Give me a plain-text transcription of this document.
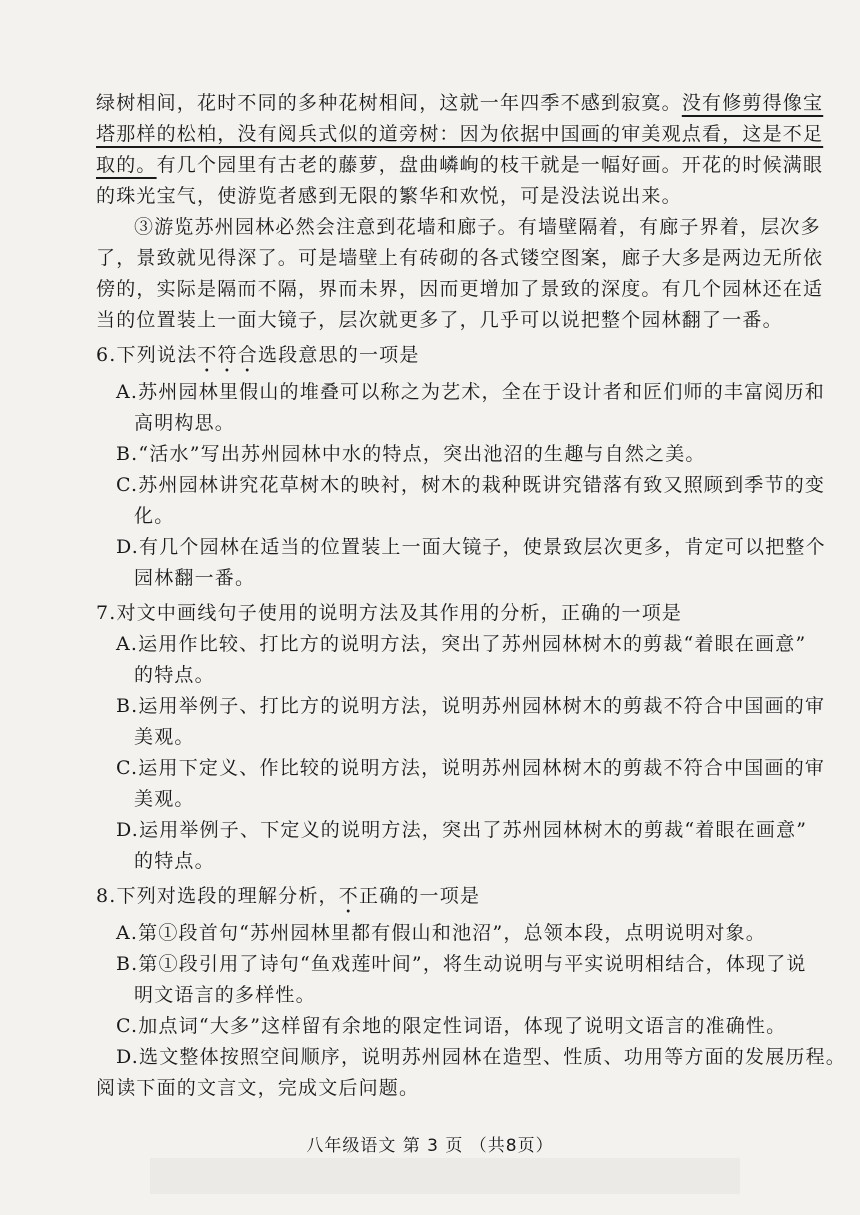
绿树相间，花时不同的多种花树相间，这就一年四季不感到寂寞。没有修剪得像宝
塔那样的松柏，没有阅兵式似的道旁树：因为依据中国画的审美观点看，这是不足
取的。有几个园里有古老的藤萝，盘曲嶙峋的枝干就是一幅好画。开花的时候满眼
的珠光宝气，使游览者感到无限的繁华和欢悦，可是没法说出来。
③游览苏州园林必然会注意到花墙和廊子。有墙壁隔着，有廊子界着，层次多
了，景致就见得深了。可是墙壁上有砖砌的各式镂空图案，廊子大多是两边无所依
傍的，实际是隔而不隔，界而未界，因而更增加了景致的深度。有几个园林还在适
当的位置装上一面大镜子，层次就更多了，几乎可以说把整个园林翻了一番。
6.下列说法不符合选段意思的一项是
A.苏州园林里假山的堆叠可以称之为艺术，全在于设计者和匠们师的丰富阅历和
高明构思。
B.“活水”写出苏州园林中水的特点，突出池沼的生趣与自然之美。
C.苏州园林讲究花草树木的映衬，树木的栽种既讲究错落有致又照顾到季节的变
化。
D.有几个园林在适当的位置装上一面大镜子，使景致层次更多，肯定可以把整个
园林翻一番。
7.对文中画线句子使用的说明方法及其作用的分析，正确的一项是
A.运用作比较、打比方的说明方法，突出了苏州园林树木的剪裁“着眼在画意”
的特点。
B.运用举例子、打比方的说明方法，说明苏州园林树木的剪裁不符合中国画的审
美观。
C.运用下定义、作比较的说明方法，说明苏州园林树木的剪裁不符合中国画的审
美观。
D.运用举例子、下定义的说明方法，突出了苏州园林树木的剪裁“着眼在画意”
的特点。
8.下列对选段的理解分析，不正确的一项是
A.第①段首句“苏州园林里都有假山和池沼”，总领本段，点明说明对象。
B.第①段引用了诗句“鱼戏莲叶间”，将生动说明与平实说明相结合，体现了说
明文语言的多样性。
C.加点词“大多”这样留有余地的限定性词语，体现了说明文语言的准确性。
D.选文整体按照空间顺序，说明苏州园林在造型、性质、功用等方面的发展历程。
阅读下面的文言文，完成文后问题。
八年级语文 第 3 页 （共8页）
